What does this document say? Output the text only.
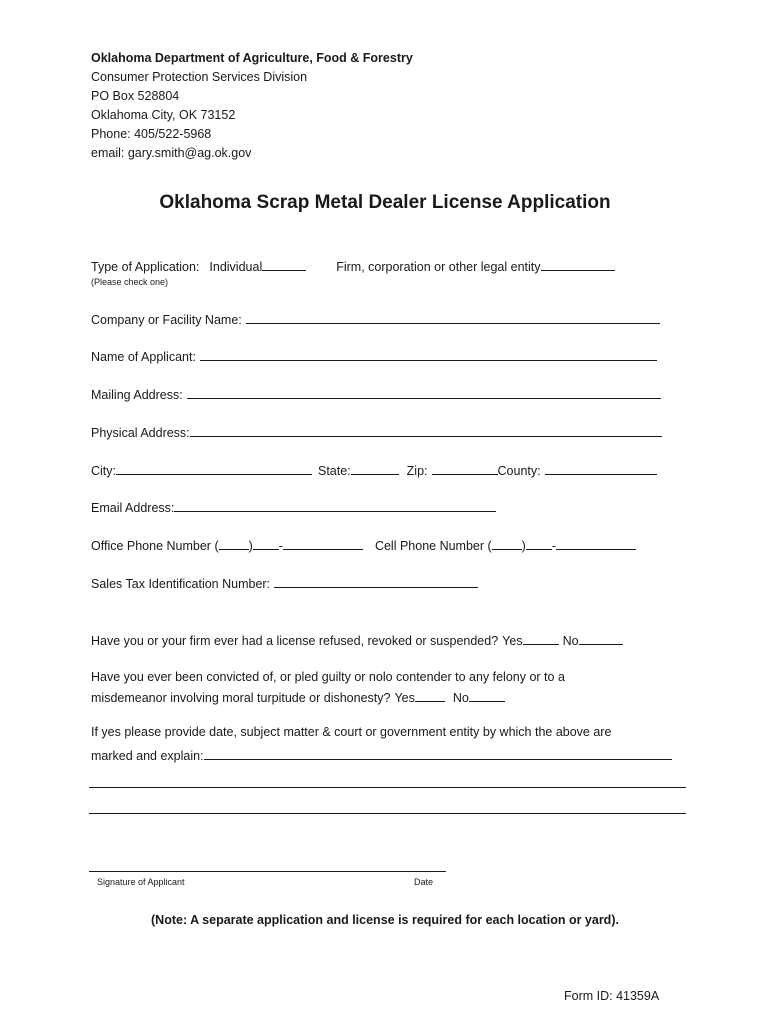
Oklahoma Department of Agriculture, Food & Forestry
Consumer Protection Services Division
PO Box 528804
Oklahoma City, OK 73152
Phone: 405/522-5968
email: gary.smith@ag.ok.gov
Oklahoma Scrap Metal Dealer License Application
Type of Application: Individual	Firm, corporation or other legal entity
(Please check one)
Company or Facility Name:
Name of Applicant:
Mailing Address:
Physical Address:
City:	State:	Zip:	County:
Email Address:
Office Phone Number ( ) -	Cell Phone Number ( ) -
Sales Tax Identification Number:
Have you or your firm ever had a license refused, revoked or suspended? Yes	No
Have you ever been convicted of, or pled guilty or nolo contender to any felony or to a
misdemeanor involving moral turpitude or dishonesty? Yes	No
If yes please provide date, subject matter & court or government entity by which the above are
marked and explain:
Signature of Applicant	Date
(Note: A separate application and license is required for each location or yard).
Form ID: 41359A
